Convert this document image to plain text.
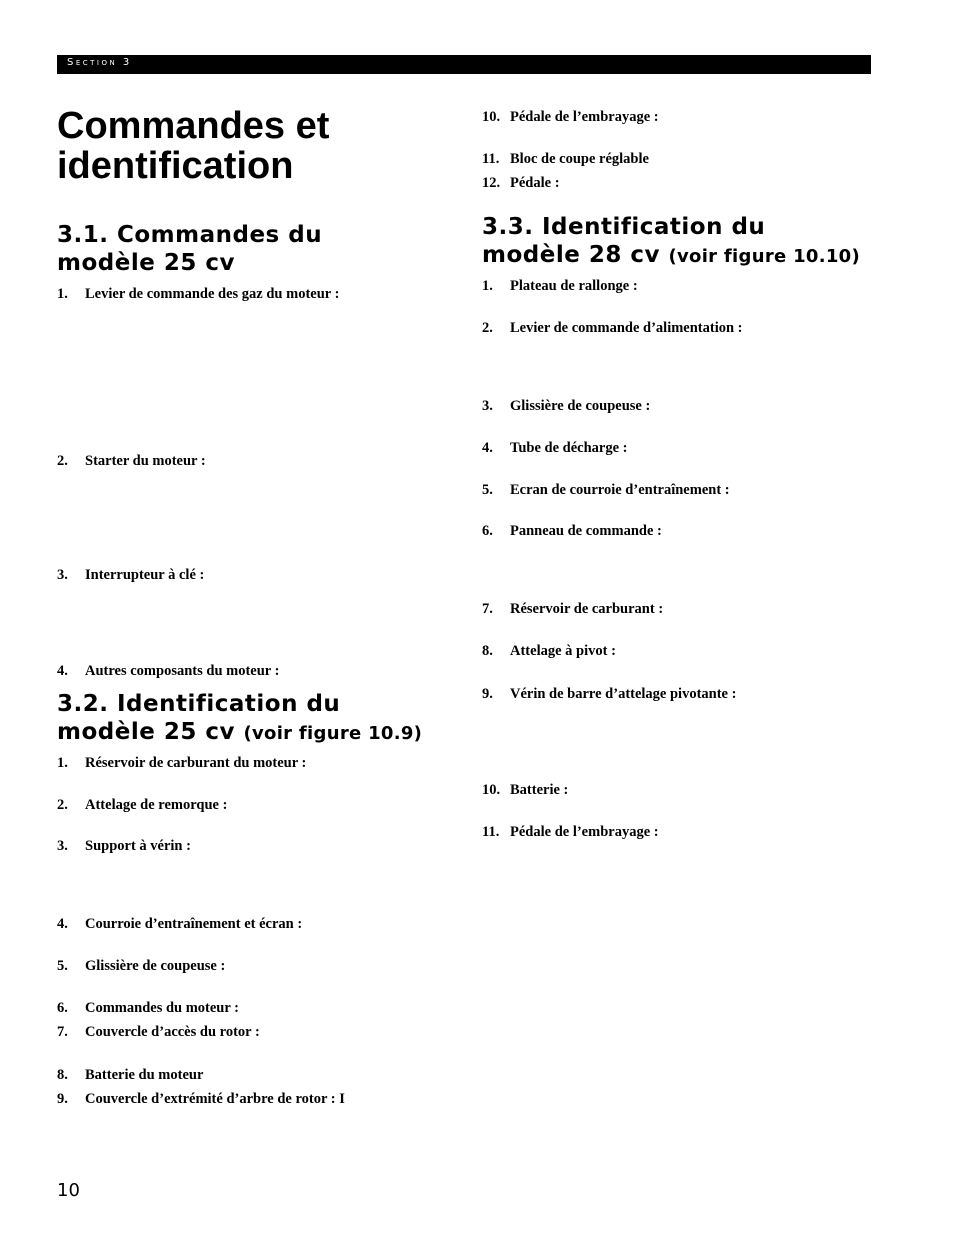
Section 3
Commandes et
identification
3.1. Commandes du
modèle 25 cv
1. Levier de commande des gaz du moteur :
2. Starter du moteur :
3. Interrupteur à clé :
4. Autres composants du moteur :
3.2. Identification du
modèle 25 cv (voir figure 10.9)
1. Réservoir de carburant du moteur :
2. Attelage de remorque :
3. Support à vérin :
4. Courroie d’entraînement et écran :
5. Glissière de coupeuse :
6. Commandes du moteur :
7. Couvercle d’accès du rotor :
8. Batterie du moteur
9. Couvercle d’extrémité d’arbre de rotor : I
10. Pédale de l’embrayage :
11. Bloc de coupe réglable
12. Pédale :
3.3. Identification du
modèle 28 cv (voir figure 10.10)
1. Plateau de rallonge :
2. Levier de commande d’alimentation :
3. Glissière de coupeuse :
4. Tube de décharge :
5. Ecran de courroie d’entraînement :
6. Panneau de commande :
7. Réservoir de carburant :
8. Attelage à pivot :
9. Vérin de barre d’attelage pivotante :
10. Batterie :
11. Pédale de l’embrayage :
10
